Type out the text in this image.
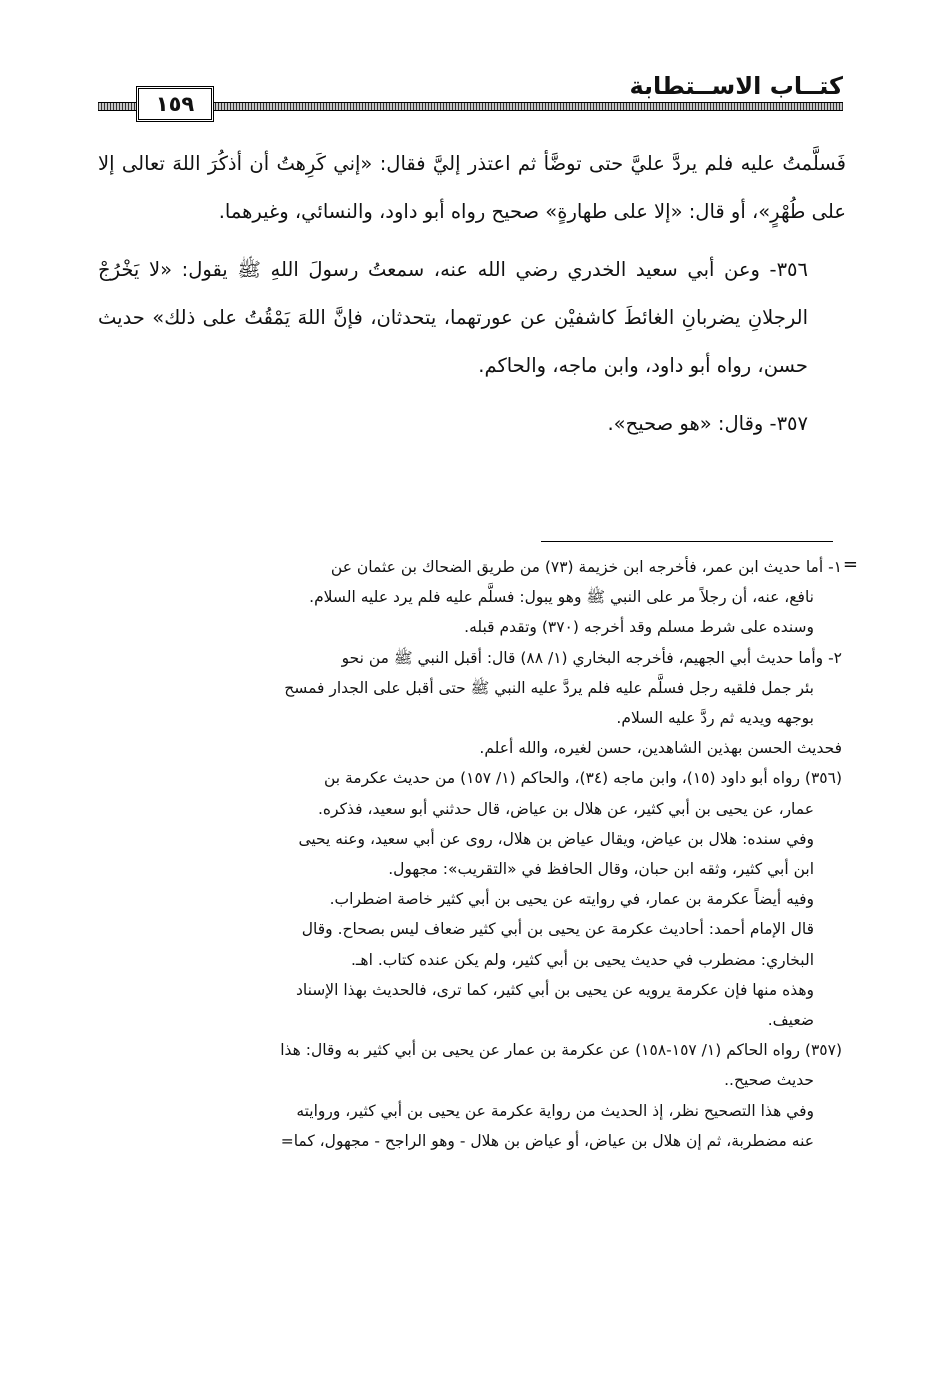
كتــاب الاســتطابة
١٥٩

فَسلَّمتُ عليه فلم يردَّ عليَّ حتى توضَّأ ثم اعتذر إليَّ فقال: «إني كَرِهتُ أن أذكُرَ اللهَ تعالى إلا على طُهْرٍ»، أو قال: «إلا على طهارةٍ» صحيح رواه أبو داود، والنسائي، وغيرهما.

٣٥٦- وعن أبي سعيد الخدري رضي الله عنه، سمعتُ رسولَ اللهِ ﷺ يقول: «لا يَخْرُجْ الرجلانِ يضربانِ الغائطَ كاشفيْن عن عورتهما، يتحدثان، فإنَّ اللهَ يَمْقُتُ على ذلك» حديث حسن، رواه أبو داود، وابن ماجه، والحاكم.

٣٥٧- وقال: «هو صحيح».

=

١- أما حديث ابن عمر، فأخرجه ابن خزيمة (٧٣) من طريق الضحاك بن عثمان عن

نافع، عنه، أن رجلاً مر على النبي ﷺ وهو يبول: فسلَّم عليه فلم يرد عليه السلام.

وسنده على شرط مسلم وقد أخرجه (٣٧٠) وتقدم قبله.

٢- وأما حديث أبي الجهيم، فأخرجه البخاري (١/ ٨٨) قال: أقبل النبي ﷺ من نحو

بئر جمل فلقيه رجل فسلَّم عليه فلم يردَّ عليه النبي ﷺ حتى أقبل على الجدار فمسح

بوجهه ويديه ثم ردَّ عليه السلام.

فحديث الحسن بهذين الشاهدين، حسن لغيره، والله أعلم.

(٣٥٦) رواه أبو داود (١٥)، وابن ماجه (٣٤)، والحاكم (١/ ١٥٧) من حديث عكرمة بن

عمار، عن يحيى بن أبي كثير، عن هلال بن عياض، قال حدثني أبو سعيد، فذكره.

وفي سنده: هلال بن عياض، ويقال عياض بن هلال، روى عن أبي سعيد، وعنه يحيى

ابن أبي كثير، وثقه ابن حبان، وقال الحافظ في «التقريب»: مجهول.

وفيه أيضاً عكرمة بن عمار، في روايته عن يحيى بن أبي كثير خاصة اضطراب.

قال الإمام أحمد: أحاديث عكرمة عن يحيى بن أبي كثير ضعاف ليس بصحاح. وقال

البخاري: مضطرب في حديث يحيى بن أبي كثير، ولم يكن عنده كتاب. اهـ.

وهذه منها فإن عكرمة يرويه عن يحيى بن أبي كثير، كما ترى، فالحديث بهذا الإسناد

ضعيف.

(٣٥٧) رواه الحاكم (١/ ١٥٧-١٥٨) عن عكرمة بن عمار عن يحيى بن أبي كثير به وقال: هذا

حديث صحيح..

وفي هذا التصحيح نظر، إذ الحديث من رواية عكرمة عن يحيى بن أبي كثير، وروايته

عنه مضطربة، ثم إن هلال بن عياض، أو عياض بن هلال - وهو الراجح - مجهول، كما=
